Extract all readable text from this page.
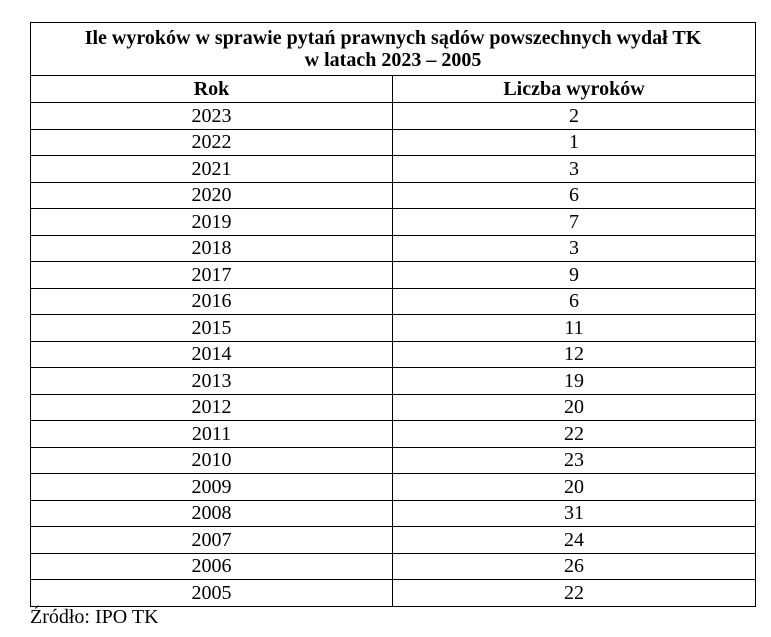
Ile wyroków w sprawie pytań prawnych sądów powszechnych wydał TK
w latach 2023 – 2005	

Rok	Liczba wyroków
2023	2
2022	1
2021	3
2020	6
2019	7
2018	3
2017	9
2016	6
2015	11
2014	12
2013	19
2012	20
2011	22
2010	23
2009	20
2008	31
2007	24
2006	26
2005	22
Źródło: IPO TK
